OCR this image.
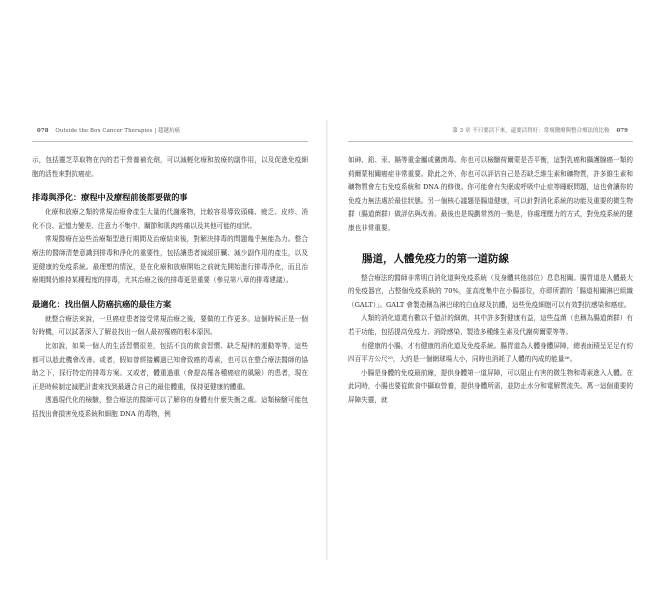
078 Outside the Box Cancer Therapies | 超越抗癌

示，包括靈芝萃取物在內的若干營養補充劑，可以減輕化療和放療的副作用，以及促進免疫細胞的活性來對抗癌症。

排毒與淨化：療程中及療程前後都要做的事

化療和放療之類的常規治療會產生大量的代謝廢物，比較容易導致頭痛、疲乏、皮疹、消化不良、記憶力變差、注意力不集中、關節和肌肉疼痛以及其他可能的症狀。

常規醫療在這些治療類型進行期間及治療結束後，對解決排毒的問題幾乎無能為力。整合療法的醫師清楚意識到排毒和淨化的重要性，包括讓患者減緩肝臟、減少副作用的產生，以及更健康的免疫系統。最理想的情況，是在化療和放療開始之前就先開始進行排毒淨化，而且治療期間仍維持某種程度的排毒，尤其治療之後的排毒更是重要（參見第八章的排毒建議）。

最適化：找出個人防癌抗癌的最佳方案

就整合療法來說，一旦癌症患者接受常規治療之後，要做的工作更多。這個時候正是一個好時機，可以試著深入了解並找出一個人最初罹癌的根本原因。

比如說，如果一個人的生活習慣很差，包括不良的飲食習慣、缺乏規律的運動等等，這些都可以趁此機會改善。或者，假如曾經接觸過已知會致癌的毒素，也可以在整合療法醫師的協助之下，採行特定的排毒方案。又或者，體重過重（會提高罹各種癌症的風險）的患者，現在正是時候制定減肥計畫來找到最適合自己的最佳體重，保持更健康的體重。

透過現代化的檢驗，整合療法的醫師可以了解你的身體有什麼失衡之處。這類檢驗可能包括找出會損害免疫系統和細胞 DNA 的毒物，例

第 3 章 不只要活下來，還要活得好：常規醫療與整合療法的比較 079

如砷、鉛、汞、鎘等重金屬或黴菌毒。你也可以檢驗荷爾蒙是否平衡，這對乳癌和攝護腺癌一類的荷爾蒙相關癌症非常重要。除此之外，你也可以評估自己是否缺乏維生素和礦物質，許多維生素和礦物質會左右免疫系統和 DNA 的修復。你可能會有失眠或呼吸中止症等睡眠問題，這也會讓你的免疫力無法處於最佳狀態。另一個核心議題是腸道健康，可以針對消化系統的功能及重要的微生物群（腸道菌群）做評估與改善。最後也是規劃常然的一點是，你處理壓力的方式，對免疫系統的健康也非常重要。

腸道，人體免疫力的第一道防線

整合療法的醫師非常明白消化道與免疫系統（及身體其他部位）息息相關。腸胃道是人體最大的免疫器官，占整個免疫系統的 70%，並高度集中在小腸部位，亦即所謂的「腸道相關淋巴組織（GALT）」。GALT 會製造稱為淋巴球的白血球及抗體，這些免疫細胞可以有效對抗感染和癌症。

人類的消化道還有數以千億計的細菌，其中許多對健康有益，這些益菌（也稱為腸道菌群）有若干功能，包括提高免疫力、消除感染、製造多種維生素及代謝荷爾蒙等等。

有健康的小腸，才有健康的消化道及免疫系統。腸胃道為人體身體屏障，總表面積呈足足有約四百平方公尺²⁵，大約是一個網球場大小，同時也消耗了人體的內成的能量²⁶。

小腸是身體的免疫最前線，提供身體第一道屏障，可以阻止有害的微生物和毒素進入人體。在此同時，小腸也要從飲食中攝取營養，提供身體所需，並防止水分和電解質流失。萬一這個重要的屏障失靈，就
